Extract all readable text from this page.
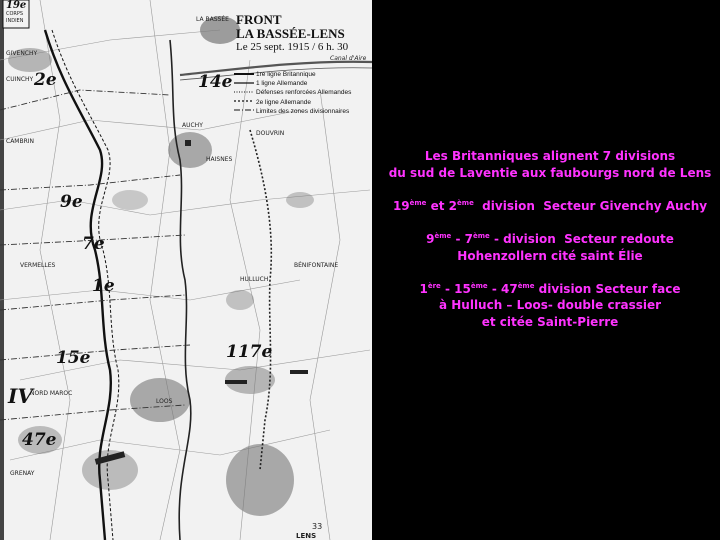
19e
CORPS
INDIEN	FRONT
LA BASSÉE-LENS
Le 25 sept. 1915 / 6 h. 30
1re ligne Britannique
1 ligne Allemande
Défenses renforcées Allemandes
2e ligne Allemande
Limites des zones divisionnaires
2e	14e
9e
7e
1e
15e	117e
47e
IV
LA BASSÉE
Canal d'Aire
GIVENCHY
CUINCHY
CAMBRIN
AUCHY
HAISNES
DOUVRIN
HULLUCH
BÉNIFONTAINE
VERMELLES
LOOS
NORD MAROC
GRENAY
33
LENS

Les Britanniques alignent 7 divisions

du sud de Laventie aux faubourgs nord de Lens

19ème et 2ème  division  Secteur Givenchy Auchy

9ème - 7ème - division  Secteur redoute

Hohenzollern cité saint Élie

1ère - 15ème - 47ème division Secteur face

à Hulluch – Loos- double crassier

et citée Saint-Pierre
